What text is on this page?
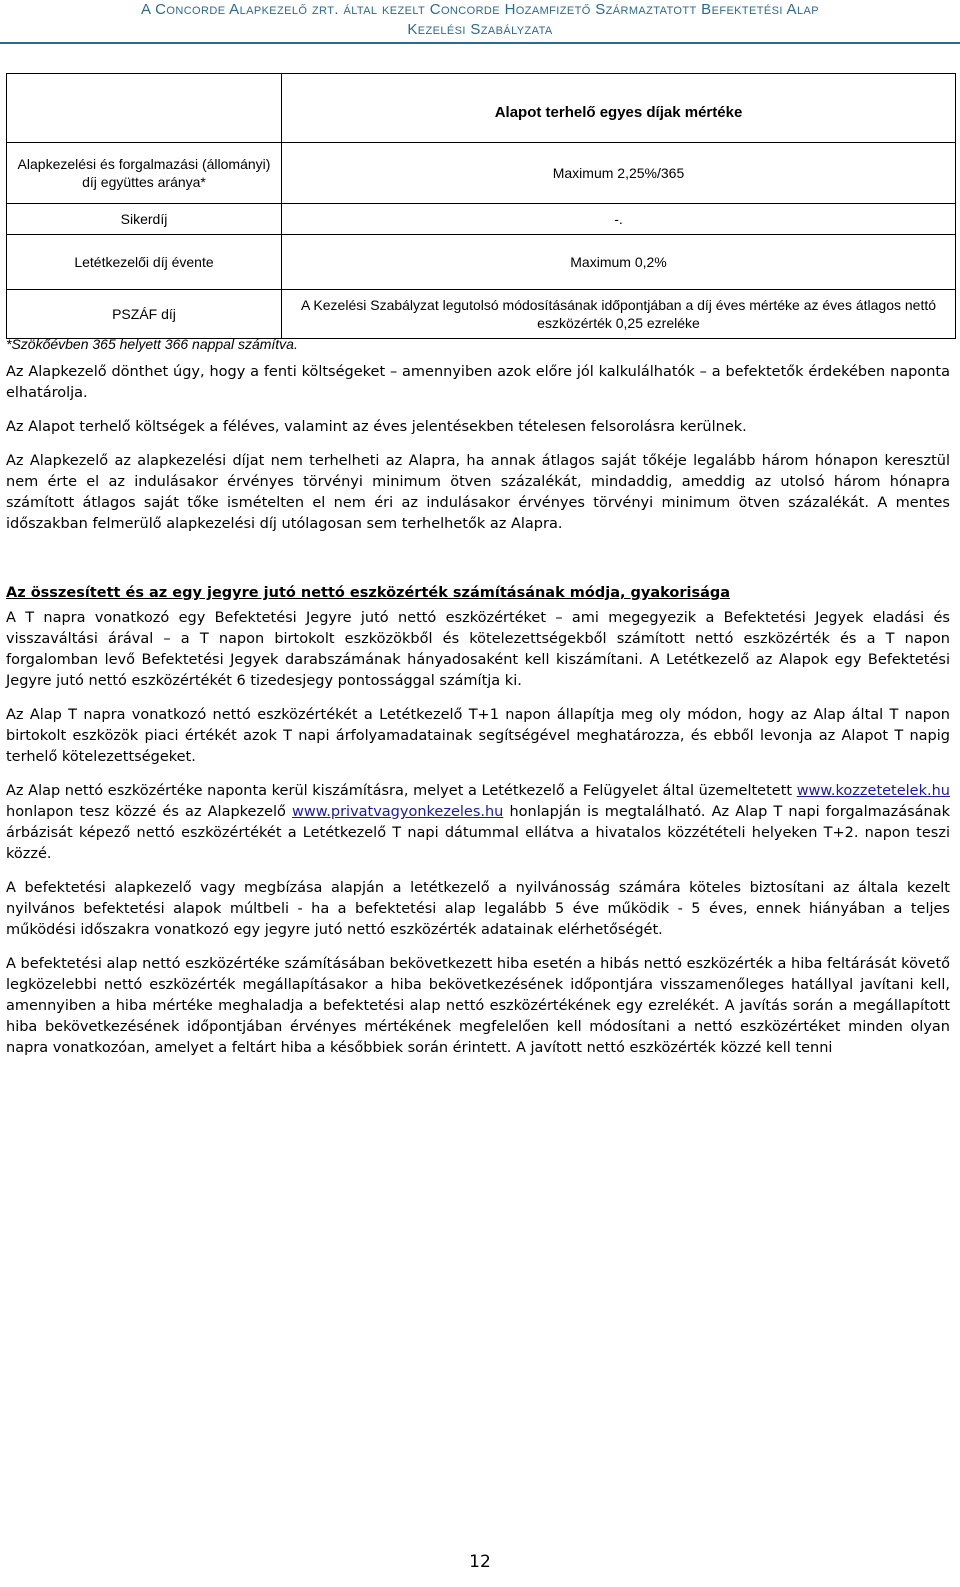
A Concorde Alapkezelő zrt. által kezelt Concorde Hozamfizető Származtatott Befektetési Alap
Kezelési Szabályzata
	Alapot terhelő egyes díjak mértéke
Alapkezelési és forgalmazási (állományi) díj együttes aránya*	Maximum 2,25%/365
Sikerdíj	-.
Letétkezelői díj évente	Maximum 0,2%
PSZÁF díj	A Kezelési Szabályzat legutolsó módosításának időpontjában a díj éves mértéke az éves átlagos nettó eszközérték 0,25 ezreléke
*Szökőévben 365 helyett 366 nappal számítva.

Az Alapkezelő dönthet úgy, hogy a fenti költségeket – amennyiben azok előre jól kalkulálhatók – a befektetők érdekében naponta elhatárolja.

Az Alapot terhelő költségek a féléves, valamint az éves jelentésekben tételesen felsorolásra kerülnek.

Az Alapkezelő az alapkezelési díjat nem terhelheti az Alapra, ha annak átlagos saját tőkéje legalább három hónapon keresztül nem érte el az indulásakor érvényes törvényi minimum ötven százalékát, mindaddig, ameddig az utolsó három hónapra számított átlagos saját tőke ismételten el nem éri az indulásakor érvényes törvényi minimum ötven százalékát. A mentes időszakban felmerülő alapkezelési díj utólagosan sem terhelhetők az Alapra.

Az összesített és az egy jegyre jutó nettó eszközérték számításának módja, gyakorisága

A T napra vonatkozó egy Befektetési Jegyre jutó nettó eszközértéket – ami megegyezik a Befektetési Jegyek eladási és visszaváltási árával – a T napon birtokolt eszközökből és kötelezettségekből számított nettó eszközérték és a T napon forgalomban levő Befektetési Jegyek darabszámának hányadosaként kell kiszámítani. A Letétkezelő az Alapok egy Befektetési Jegyre jutó nettó eszközértékét 6 tizedesjegy pontossággal számítja ki.

Az Alap T napra vonatkozó nettó eszközértékét a Letétkezelő T+1 napon állapítja meg oly módon, hogy az Alap által T napon birtokolt eszközök piaci értékét azok T napi árfolyamadatainak segítségével meghatározza, és ebből levonja az Alapot T napig terhelő kötelezettségeket.

Az Alap nettó eszközértéke naponta kerül kiszámításra, melyet a Letétkezelő a Felügyelet által üzemeltetett www.kozzetetelek.hu honlapon tesz közzé és az Alapkezelő www.privatvagyonkezeles.hu honlapján is megtalálható. Az Alap T napi forgalmazásának árbázisát képező nettó eszközértékét a Letétkezelő T napi dátummal ellátva a hivatalos közzétételi helyeken T+2. napon teszi közzé.

A befektetési alapkezelő vagy megbízása alapján a letétkezelő a nyilvánosság számára köteles biztosítani az általa kezelt nyilvános befektetési alapok múltbeli - ha a befektetési alap legalább 5 éve működik - 5 éves, ennek hiányában a teljes működési időszakra vonatkozó egy jegyre jutó nettó eszközérték adatainak elérhetőségét.

A befektetési alap nettó eszközértéke számításában bekövetkezett hiba esetén a hibás nettó eszközérték a hiba feltárását követő legközelebbi nettó eszközérték megállapításakor a hiba bekövetkezésének időpontjára visszamenőleges hatállyal javítani kell, amennyiben a hiba mértéke meghaladja a befektetési alap nettó eszközértékének egy ezrelékét. A javítás során a megállapított hiba bekövetkezésének időpontjában érvényes mértékének megfelelően kell módosítani a nettó eszközértéket minden olyan napra vonatkozóan, amelyet a feltárt hiba a későbbiek során érintett. A javított nettó eszközérték közzé kell tenni

12
